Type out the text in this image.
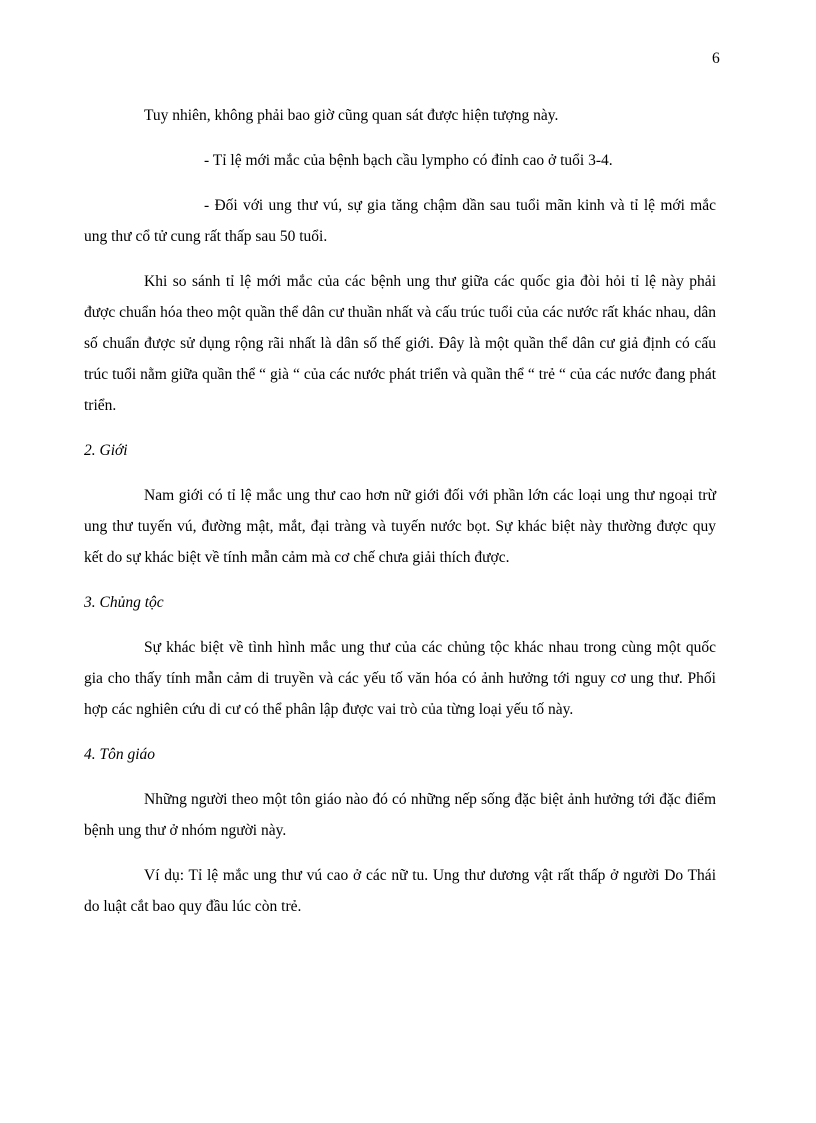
6

Tuy nhiên, không phải bao giờ cũng quan sát được hiện tượng này.

- Tỉ lệ mới mắc của bệnh bạch cầu lympho có đỉnh cao ở tuổi 3-4.

- Đối với ung thư vú, sự gia tăng chậm dần sau tuổi mãn kinh và tỉ lệ mới mắc ung thư cổ tử cung rất thấp sau 50 tuổi.

Khi so sánh tỉ lệ mới mắc của các bệnh ung thư giữa các quốc gia đòi hỏi tỉ lệ này phải được chuẩn hóa theo một quần thể dân cư thuần nhất và cấu trúc tuổi của các nước rất khác nhau, dân số chuẩn được sử dụng rộng rãi nhất là dân số thế giới. Đây là một quần thể dân cư giả định có cấu trúc tuổi nằm giữa quần thể “ già “ của các nước phát triển và quần thể “ trẻ “ của các nước đang phát triển.

2. Giới

Nam giới có tỉ lệ mắc ung thư cao hơn nữ giới đối với phần lớn các loại ung thư ngoại trừ ung thư tuyến vú, đường mật, mắt, đại tràng và tuyến nước bọt. Sự khác biệt này thường được quy kết do sự khác biệt về tính mẫn cảm mà cơ chế chưa giải thích được.

3. Chủng tộc

Sự khác biệt về tình hình mắc ung thư của các chủng tộc khác nhau trong cùng một quốc gia cho thấy tính mẫn cảm di truyền và các yếu tố văn hóa có ảnh hưởng tới nguy cơ ung thư. Phối hợp các nghiên cứu di cư có thể phân lập được vai trò của từng loại yếu tố này.

4. Tôn giáo

Những người theo một tôn giáo nào đó có những nếp sống đặc biệt ảnh hưởng tới đặc điểm bệnh ung thư ở nhóm người này.

Ví dụ: Tỉ lệ mắc ung thư vú cao ở các nữ tu. Ung thư dương vật rất thấp ở người Do Thái do luật cắt bao quy đầu lúc còn trẻ.
